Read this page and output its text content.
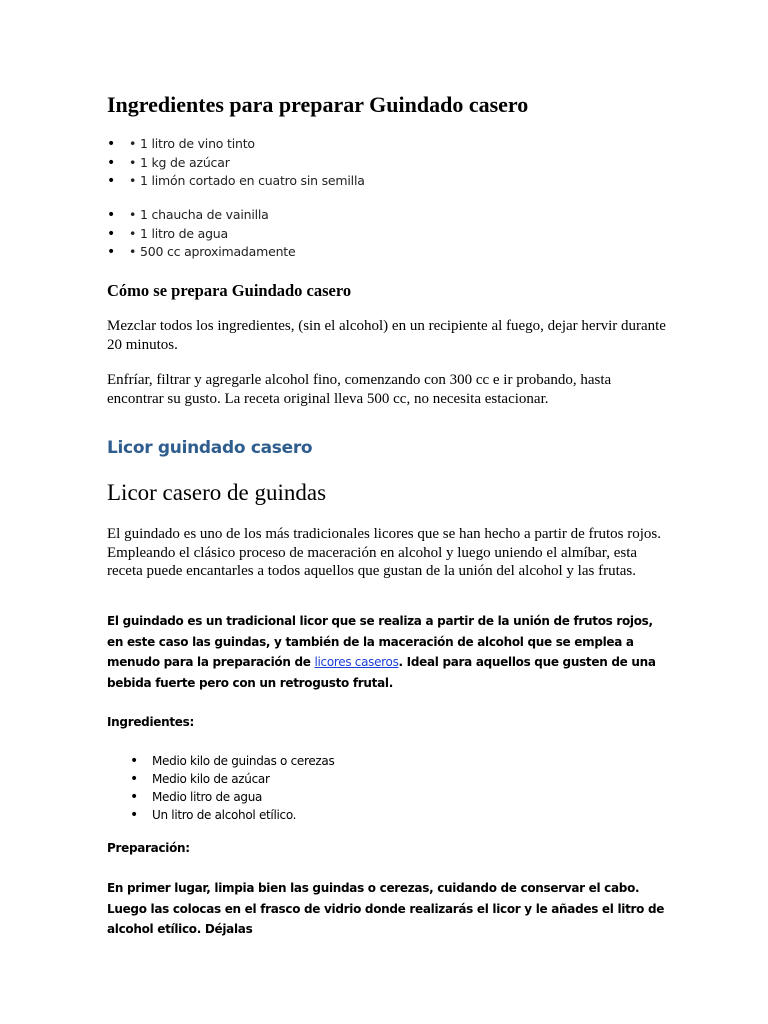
Ingredientes para preparar Guindado casero
• • 1 litro de vino tinto
• • 1 kg de azúcar
• • 1 limón cortado en cuatro sin semilla
• • 1 chaucha de vainilla
• • 1 litro de agua
• • 500 cc aproximadamente
Cómo se prepara Guindado casero

Mezclar todos los ingredientes, (sin el alcohol) en un recipiente al fuego, dejar hervir durante 20 minutos.

Enfríar, filtrar y agregarle alcohol fino, comenzando con 300 cc e ir probando, hasta encontrar su gusto. La receta original lleva 500 cc, no necesita estacionar.

Licor guindado casero
Licor casero de guindas

El guindado es uno de los más tradicionales licores que se han hecho a partir de frutos rojos. Empleando el clásico proceso de maceración en alcohol y luego uniendo el almíbar, esta receta puede encantarles a todos aquellos que gustan de la unión del alcohol y las frutas.

El guindado es un tradicional licor que se realiza a partir de la unión de frutos rojos, en este caso las guindas, y también de la maceración de alcohol que se emplea a menudo para la preparación de licores caseros. Ideal para aquellos que gusten de una bebida fuerte pero con un retrogusto frutal.

Ingredientes:

• Medio kilo de guindas o cerezas
• Medio kilo de azúcar
• Medio litro de agua
• Un litro de alcohol etílico.

Preparación:

En primer lugar, limpia bien las guindas o cerezas, cuidando de conservar el cabo. Luego las colocas en el frasco de vidrio donde realizarás el licor y le añades el litro de alcohol etílico. Déjalas
